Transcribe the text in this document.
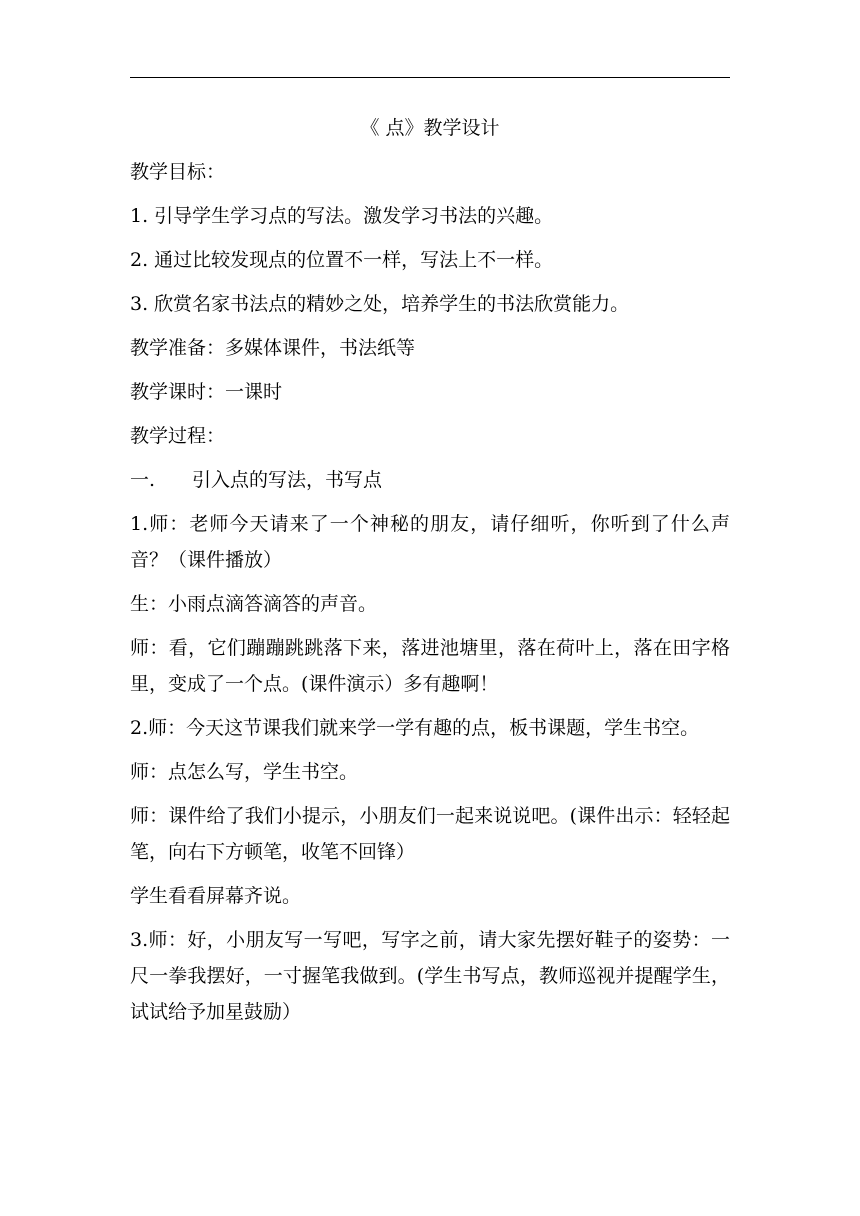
《 点》教学设计

教学目标：

1. 引导学生学习点的写法。激发学习书法的兴趣。

2. 通过比较发现点的位置不一样，写法上不一样。

3. 欣赏名家书法点的精妙之处，培养学生的书法欣赏能力。

教学准备：多媒体课件，书法纸等

教学课时：一课时

教学过程：

一. 引入点的写法，书写点

1.师：老师今天请来了一个神秘的朋友，请仔细听，你听到了什么声音？（课件播放）

生：小雨点滴答滴答的声音。

师：看，它们蹦蹦跳跳落下来，落进池塘里，落在荷叶上，落在田字格里，变成了一个点。(课件演示）多有趣啊！

2.师：今天这节课我们就来学一学有趣的点，板书课题，学生书空。

师：点怎么写，学生书空。

师：课件给了我们小提示，小朋友们一起来说说吧。(课件出示：轻轻起笔，向右下方顿笔，收笔不回锋）

学生看看屏幕齐说。

3.师：好，小朋友写一写吧，写字之前，请大家先摆好鞋子的姿势：一尺一拳我摆好，一寸握笔我做到。(学生书写点，教师巡视并提醒学生，试试给予加星鼓励）
